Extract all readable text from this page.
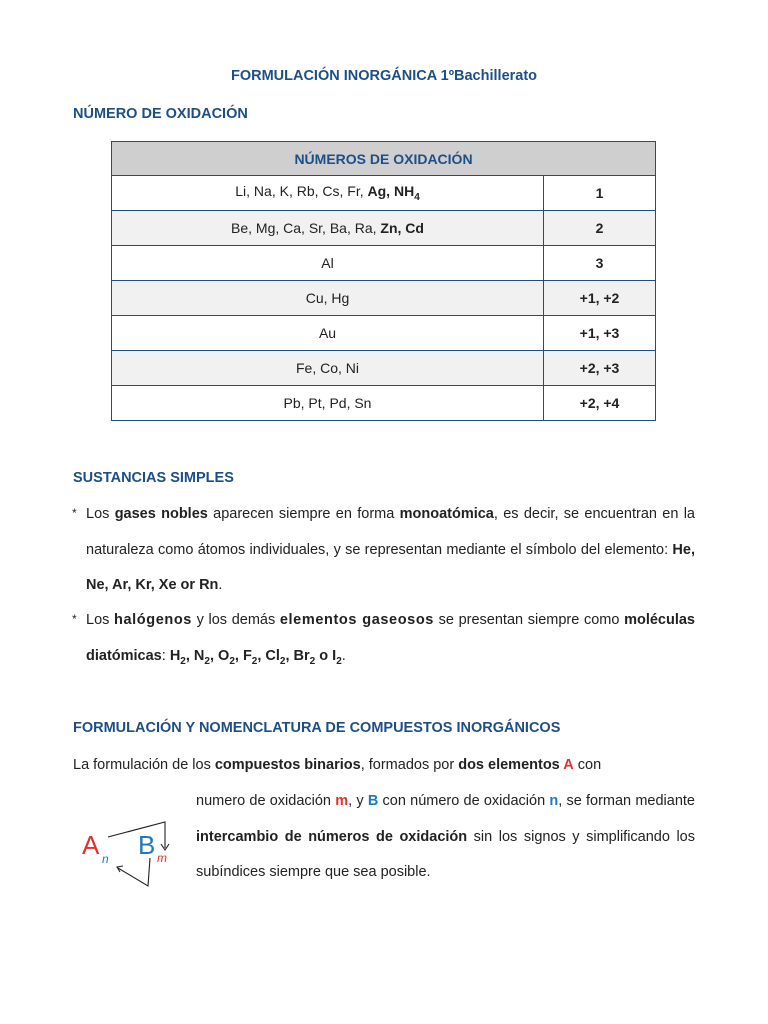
FORMULACIÓN INORGÁNICA 1ºBachillerato
NÚMERO DE OXIDACIÓN
NÚMEROS DE OXIDACIÓN	
Li, Na, K, Rb, Cs, Fr, Ag, $NH_4$	1
Be, Mg, Ca, Sr, Ba, Ra, Zn, Cd	2
Al	3
Cu, Hg	+1, +2
Au	+1, +3
Fe, Co, Ni	+2, +3
Pb, Pt, Pd, Sn	+2, +4
SUSTANCIAS SIMPLES
* Los gases nobles aparecen siempre en forma monoatómica, es decir, se encuentran en la naturaleza como átomos individuales, y se representan mediante el símbolo del elemento: He, Ne, Ar, Kr, Xe or Rn.
* Los halógenos y los demás elementos gaseosos se presentan siempre como moléculas diatómicas: $H_2$, $N_2$, $O_2$, $F_2$, $Cl_2$, $Br_2$ o $I_2$.
FORMULACIÓN Y NOMENCLATURA DE COMPUESTOS INORGÁNICOS
La formulación de los compuestos binarios, formados por dos elementos A con
numero de oxidación m, y B con número de oxidación n, se forman mediante intercambio de números de oxidación sin los signos y simplificando los subíndices siempre que sea posible.
A n B m
